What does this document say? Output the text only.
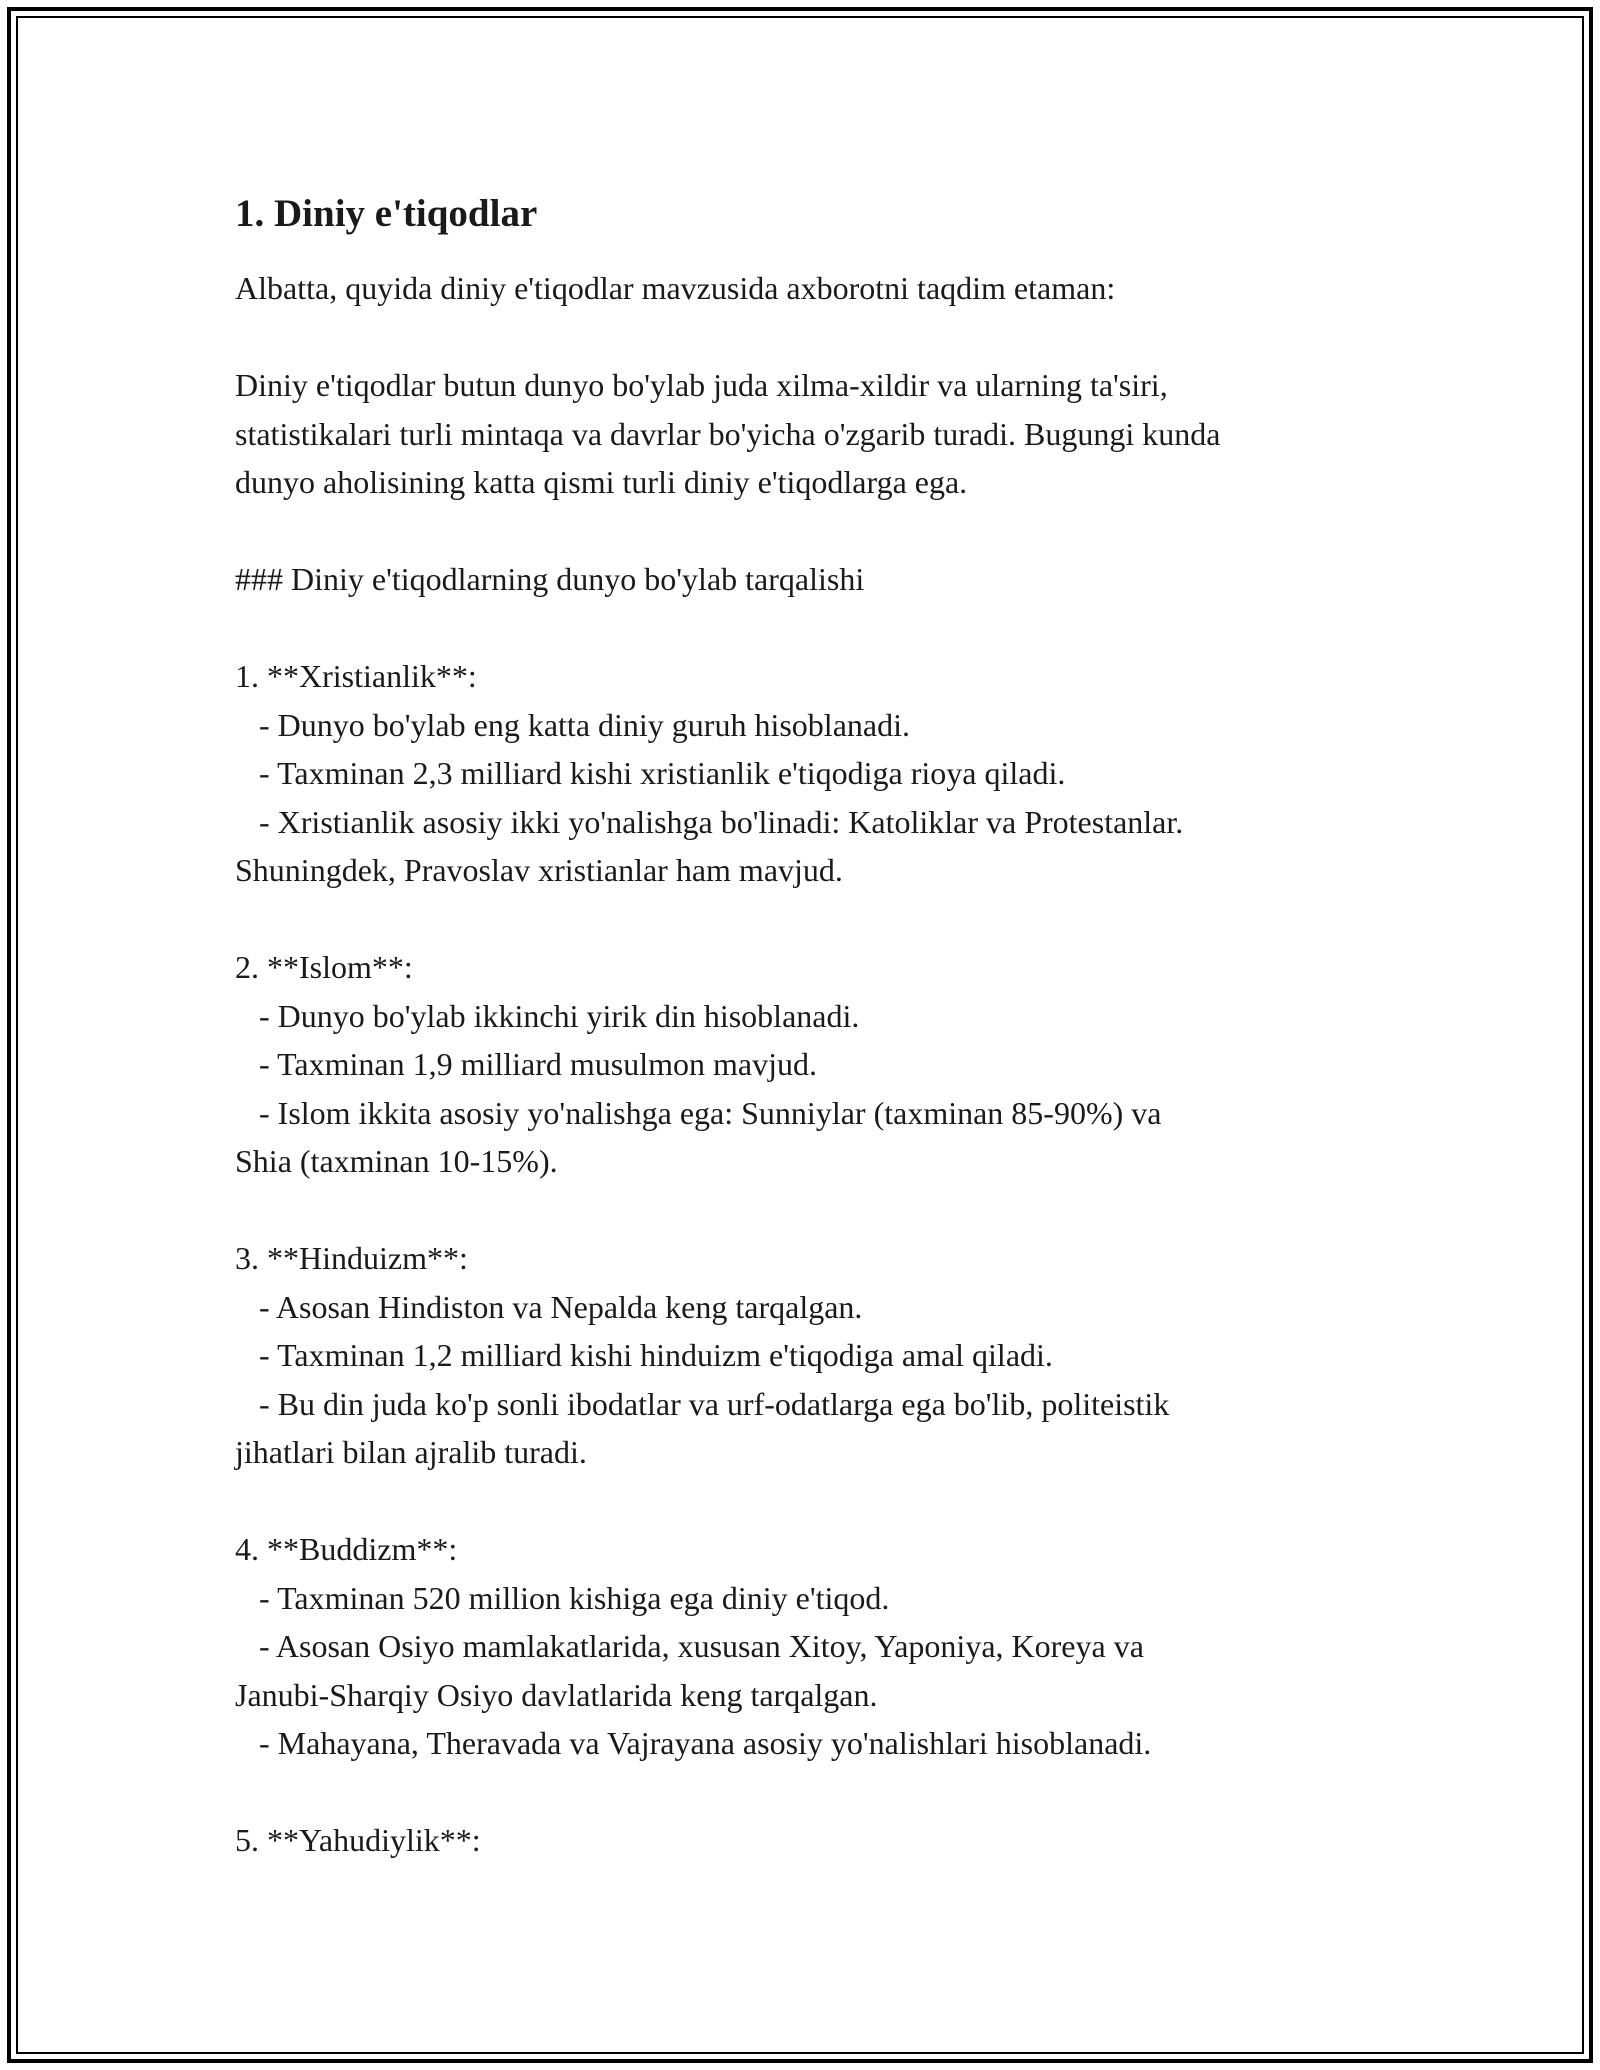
1. Diniy e'tiqodlar

Albatta, quyida diniy e'tiqodlar mavzusida axborotni taqdim etaman:

Diniy e'tiqodlar butun dunyo bo'ylab juda xilma-xildir va ularning ta'siri,

statistikalari turli mintaqa va davrlar bo'yicha o'zgarib turadi. Bugungi kunda

dunyo aholisining katta qismi turli diniy e'tiqodlarga ega.

### Diniy e'tiqodlarning dunyo bo'ylab tarqalishi

1. **Xristianlik**:

- Dunyo bo'ylab eng katta diniy guruh hisoblanadi.

- Taxminan 2,3 milliard kishi xristianlik e'tiqodiga rioya qiladi.

- Xristianlik asosiy ikki yo'nalishga bo'linadi: Katoliklar va Protestanlar.

Shuningdek, Pravoslav xristianlar ham mavjud.

2. **Islom**:

- Dunyo bo'ylab ikkinchi yirik din hisoblanadi.

- Taxminan 1,9 milliard musulmon mavjud.

- Islom ikkita asosiy yo'nalishga ega: Sunniylar (taxminan 85-90%) va

Shia (taxminan 10-15%).

3. **Hinduizm**:

- Asosan Hindiston va Nepalda keng tarqalgan.

- Taxminan 1,2 milliard kishi hinduizm e'tiqodiga amal qiladi.

- Bu din juda ko'p sonli ibodatlar va urf-odatlarga ega bo'lib, politeistik

jihatlari bilan ajralib turadi.

4. **Buddizm**:

- Taxminan 520 million kishiga ega diniy e'tiqod.

- Asosan Osiyo mamlakatlarida, xususan Xitoy, Yaponiya, Koreya va

Janubi-Sharqiy Osiyo davlatlarida keng tarqalgan.

- Mahayana, Theravada va Vajrayana asosiy yo'nalishlari hisoblanadi.

5. **Yahudiylik**:
